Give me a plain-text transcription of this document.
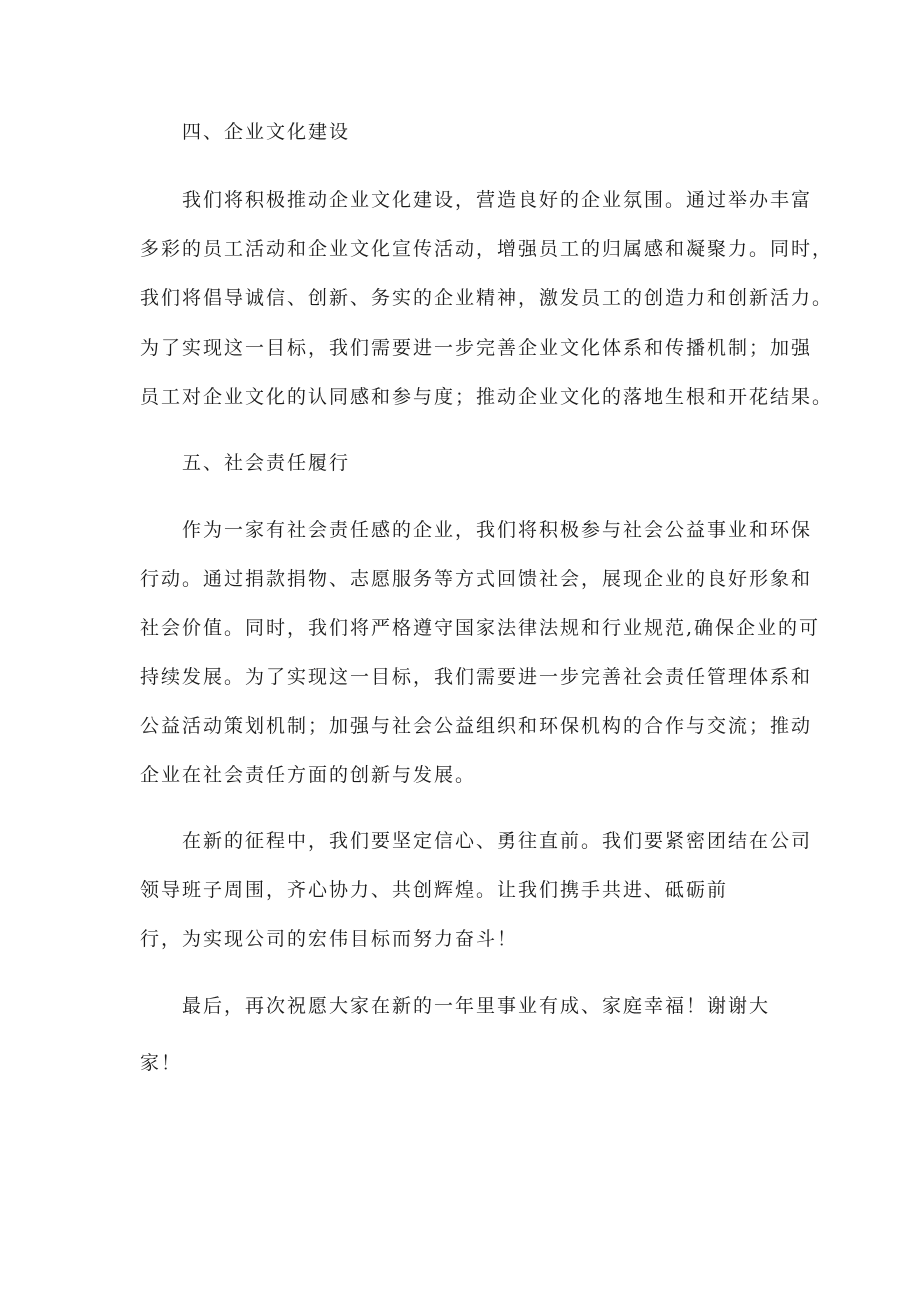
四、企业文化建设
我们将积极推动企业文化建设，营造良好的企业氛围。通过举办丰富
多彩的员工活动和企业文化宣传活动，增强员工的归属感和凝聚力。同时，
我们将倡导诚信、创新、务实的企业精神，激发员工的创造力和创新活力。
为了实现这一目标，我们需要进一步完善企业文化体系和传播机制；加强
员工对企业文化的认同感和参与度；推动企业文化的落地生根和开花结果。
五、社会责任履行
作为一家有社会责任感的企业，我们将积极参与社会公益事业和环保
行动。通过捐款捐物、志愿服务等方式回馈社会，展现企业的良好形象和
社会价值。同时，我们将严格遵守国家法律法规和行业规范,确保企业的可
持续发展。为了实现这一目标，我们需要进一步完善社会责任管理体系和
公益活动策划机制；加强与社会公益组织和环保机构的合作与交流；推动
企业在社会责任方面的创新与发展。
在新的征程中，我们要坚定信心、勇往直前。我们要紧密团结在公司
领导班子周围，齐心协力、共创辉煌。让我们携手共进、砥砺前
行，为实现公司的宏伟目标而努力奋斗！
最后，再次祝愿大家在新的一年里事业有成、家庭幸福！谢谢大
家！
